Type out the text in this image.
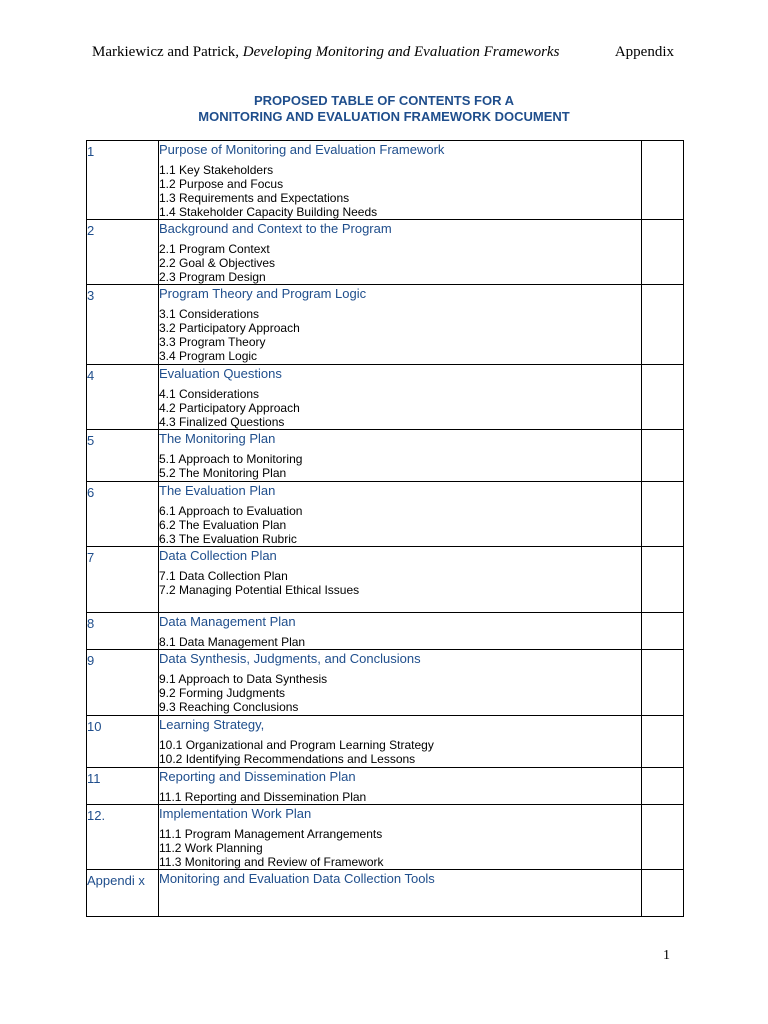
Markiewicz and Patrick, Developing Monitoring and Evaluation Frameworks	Appendix
PROPOSED TABLE OF CONTENTS FOR A
MONITORING AND EVALUATION FRAMEWORK DOCUMENT
1	Purpose of Monitoring and Evaluation Framework
1.1 Key Stakeholders
1.2 Purpose and Focus
1.3 Requirements and Expectations
1.4 Stakeholder Capacity Building Needs	

2	Background and Context to the Program
2.1 Program Context
2.2 Goal & Objectives
2.3 Program Design	

3	Program Theory and Program Logic
3.1 Considerations
3.2 Participatory Approach
3.3 Program Theory
3.4 Program Logic	

4	Evaluation Questions
4.1 Considerations
4.2 Participatory Approach
4.3 Finalized Questions	

5	The Monitoring Plan
5.1 Approach to Monitoring
5.2 The Monitoring Plan	

6	The Evaluation Plan
6.1 Approach to Evaluation
6.2 The Evaluation Plan
6.3 The Evaluation Rubric	

7	Data Collection Plan
7.1 Data Collection Plan
7.2 Managing Potential Ethical Issues	

8	Data Management Plan
8.1 Data Management Plan	

9	Data Synthesis, Judgments, and Conclusions
9.1 Approach to Data Synthesis
9.2 Forming Judgments
9.3 Reaching Conclusions	

10	Learning Strategy,
10.1 Organizational and Program Learning Strategy
10.2 Identifying Recommendations and Lessons	

11	Reporting and Dissemination Plan
11.1 Reporting and Dissemination Plan	

12.	Implementation Work Plan
11.1 Program Management Arrangements
11.2 Work Planning
11.3 Monitoring and Review of Framework	

Appendi x	Monitoring and Evaluation Data Collection Tools	

1
